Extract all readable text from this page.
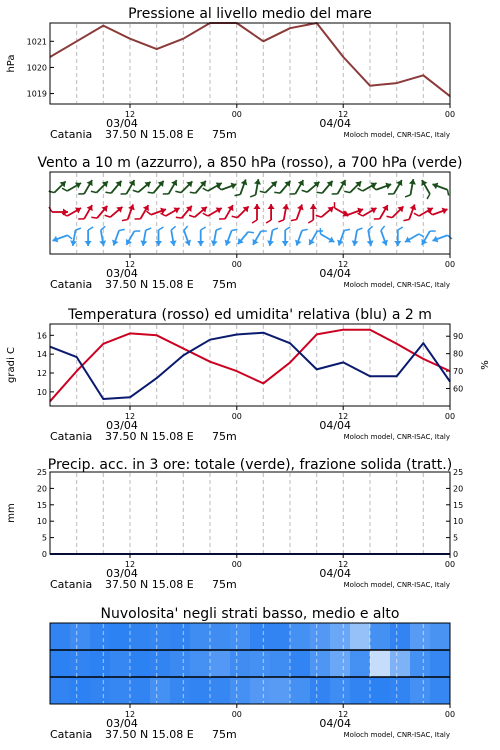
Pressione al livello medio del mare
1019
1020
1021
hPa
12	00	12	00
03/04	04/04
Catania 37.50 N 15.08 E 75m	Moloch model, CNR-ISAC, Italy
Vento a 10 m (azzurro), a 850 hPa (rosso), a 700 hPa (verde)
12	00	12	00
03/04	04/04
Catania 37.50 N 15.08 E 75m	Moloch model, CNR-ISAC, Italy
Temperatura (rosso) ed umidita' relativa (blu) a 2 m
10
12
14
16
60
70
80
90
gradi C	%
12	00	12	00
03/04	04/04
Catania 37.50 N 15.08 E 75m	Moloch model, CNR-ISAC, Italy
Precip. acc. in 3 ore: totale (verde), frazione solida (tratt.)
0	0
5	5
10	10
15	15
20	20
25	25
mm
12	00	12	00
03/04	04/04
Catania 37.50 N 15.08 E 75m	Moloch model, CNR-ISAC, Italy
Nuvolosita' negli strati basso, medio e alto
12	00	12	00
03/04	04/04
Catania 37.50 N 15.08 E 75m	Moloch model, CNR-ISAC, Italy
